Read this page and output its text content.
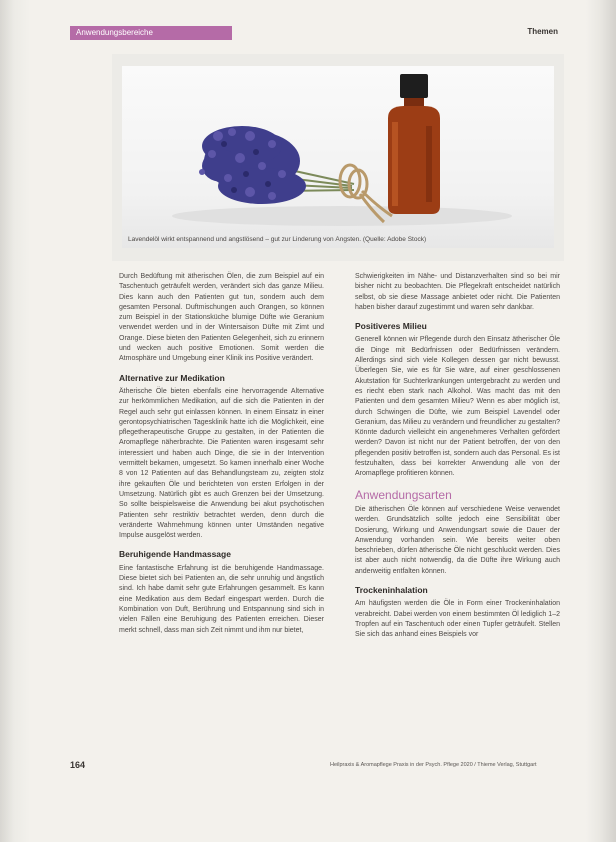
Anwendungsbereiche	Themen
Lavendelöl wirkt entspannend und angstlösend – gut zur Linderung von Ängsten. (Quelle: Adobe Stock)

Durch Bedüftung mit ätherischen Ölen, die zum Beispiel auf ein Taschentuch geträufelt werden, verändert sich das ganze Milieu. Dies kann auch den Patienten gut tun, sondern auch dem gesamten Personal. Duftmischungen auch Orangen, so können zum Beispiel in der Stationsküche blumige Düfte wie Geranium verwendet werden und in der Wintersaison Düfte mit Zimt und Orange. Diese bieten den Patienten Gelegenheit, sich zu erinnern und wecken auch positive Emotionen. Somit werden die Atmosphäre und Umgebung einer Klinik ins Positive verändert.

Alternative zur Medikation

Ätherische Öle bieten ebenfalls eine hervorragende Alternative zur herkömmlichen Medikation, auf die sich die Patienten in der Regel auch sehr gut einlassen können. In einem Einsatz in einer gerontopsychiatrischen Tagesklinik hatte ich die Möglichkeit, eine pflegetherapeutische Gruppe zu gestalten, in der Patienten die Aromapflege näherbrachte. Die Patienten waren insgesamt sehr interessiert und haben auch Dinge, die sie in der Intervention vermittelt bekamen, umgesetzt. So kamen innerhalb einer Woche 8 von 12 Patienten auf das Behandlungsteam zu, zeigten stolz ihre gekauften Öle und berichteten von ersten Erfolgen in der Umsetzung. Natürlich gibt es auch Grenzen bei der Umsetzung. So sollte beispielsweise die Anwendung bei akut psychotischen Patienten sehr restriktiv betrachtet werden, denn durch die veränderte Wahrnehmung können unter Umständen negative Impulse ausgelöst werden.

Beruhigende Handmassage

Eine fantastische Erfahrung ist die beruhigende Handmassage. Diese bietet sich bei Patienten an, die sehr unruhig und ängstlich sind. Ich habe damit sehr gute Erfahrungen gesammelt. Es kann eine Medikation aus dem Bedarf eingespart werden. Durch die Kombination von Duft, Berührung und Entspannung sind sich in vielen Fällen eine Beruhigung des Patienten erreichen. Dieser merkt schnell, dass man sich Zeit nimmt und ihm nur bietet,

Schwierigkeiten im Nähe- und Distanzverhalten sind so bei mir bisher nicht zu beobachten. Die Pflegekraft entscheidet natürlich selbst, ob sie diese Massage anbietet oder nicht. Die Patienten haben bisher darauf zugestimmt und waren sehr dankbar.

Positiveres Milieu

Generell können wir Pflegende durch den Einsatz ätherischer Öle die Dinge mit Bedürfnissen oder Bedürfnissen verändern. Allerdings sind sich viele Kollegen dessen gar nicht bewusst. Überlegen Sie, wie es für Sie wäre, auf einer geschlossenen Akutstation für Suchterkrankungen untergebracht zu werden und es riecht eben stark nach Alkohol. Was macht das mit den Patienten und dem gesamten Milieu? Wenn es aber möglich ist, durch Schwingen die Düfte, wie zum Beispiel Lavendel oder Geranium, das Milieu zu verändern und freundlicher zu gestalten? Könnte dadurch vielleicht ein angenehmeres Verhalten gefördert werden? Davon ist nicht nur der Patient betroffen, der von den pflegenden positiv betroffen ist, sondern auch das Personal. Es ist festzuhalten, dass bei korrekter Anwendung alle von der Aromapflege profitieren können.

Anwendungsarten

Die ätherischen Öle können auf verschiedene Weise verwendet werden. Grundsätzlich sollte jedoch eine Sensibilität über Dosierung, Wirkung und Anwendungsart sowie die Dauer der Anwendung vorhanden sein. Wie bereits weiter oben beschrieben, dürfen ätherische Öle nicht geschluckt werden. Dies ist aber auch nicht notwendig, da die Düfte ihre Wirkung auch anderweitig entfalten können.

Trockeninhalation

Am häufigsten werden die Öle in Form einer Trockeninhalation verabreicht. Dabei werden von einem bestimmten Öl lediglich 1–2 Tropfen auf ein Taschentuch oder einen Tupfer geträufelt. Stellen Sie sich das anhand eines Beispiels vor

164	Heilpraxis & Aromapflege Praxis in der Psych. Pflege 2020 / Thieme Verlag, Stuttgart
